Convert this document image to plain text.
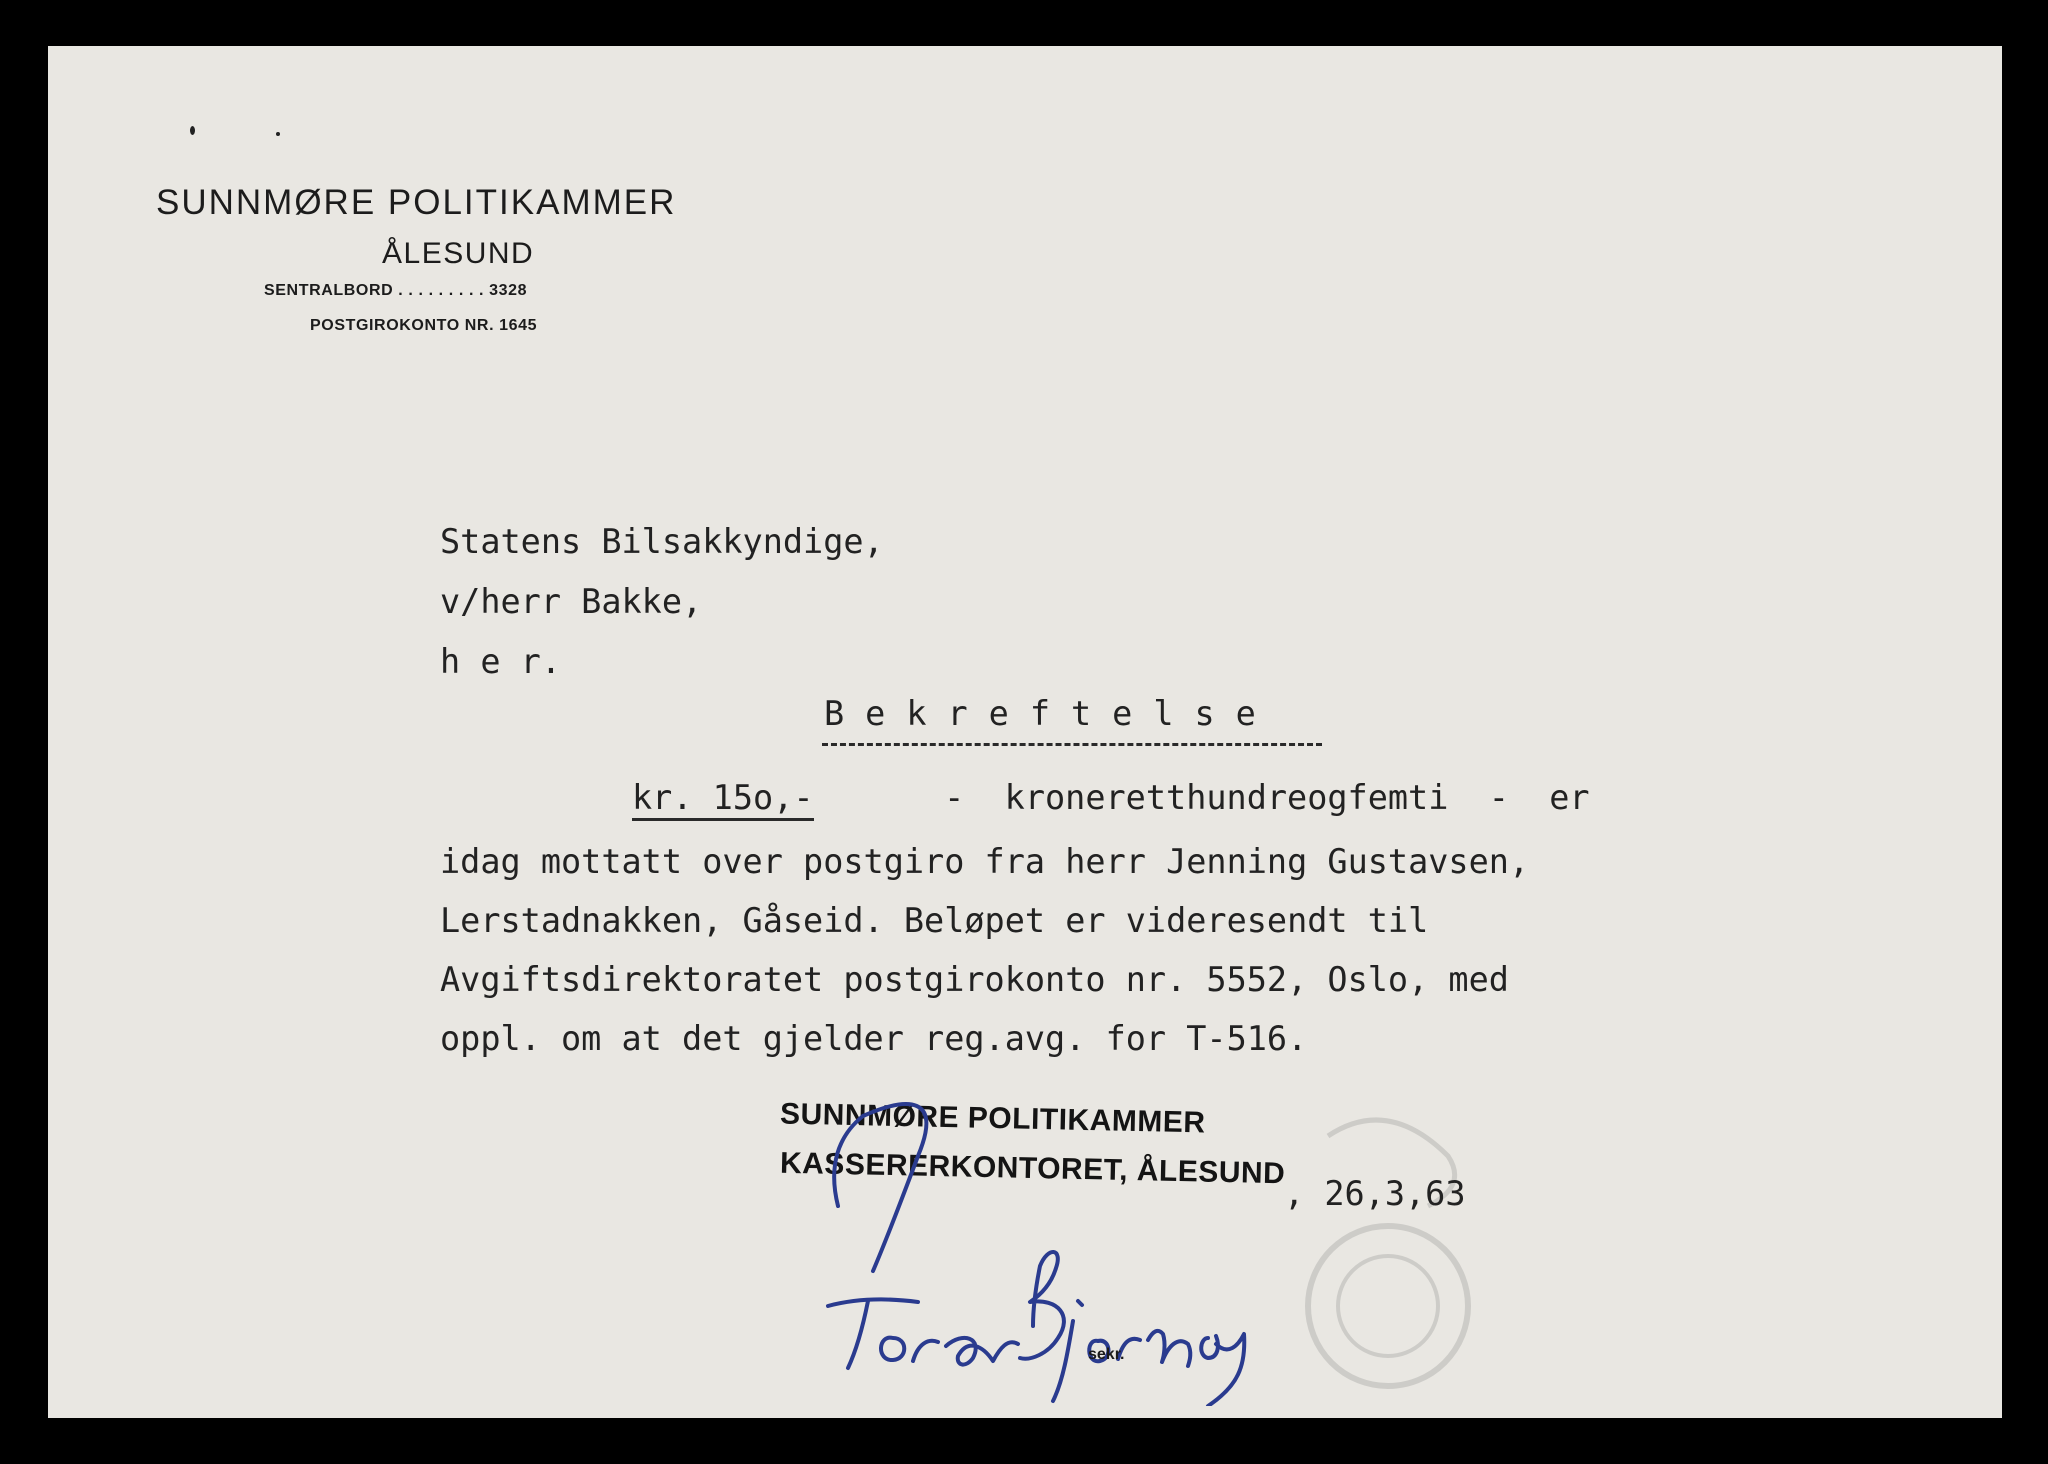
SUNNMØRE POLITIKAMMER
ÅLESUND
SENTRALBORD . . . . . . . . . 3328
POSTGIROKONTO NR. 1645
Statens Bilsakkyndige,
v/herr Bakke,
h e r.
Bekreftelse
kr. 15o,-	-  kroneretthundreogfemti  -  er
idag mottatt over postgiro fra herr Jenning Gustavsen,
Lerstadnakken, Gåseid. Beløpet er videresendt til
Avgiftsdirektoratet postgirokonto nr. 5552, Oslo, med
oppl. om at det gjelder reg.avg. for T-516.
SUNNMØRE POLITIKAMMER
KASSERERKONTORET, ÅLESUND
, 26,3,63
sekr.
